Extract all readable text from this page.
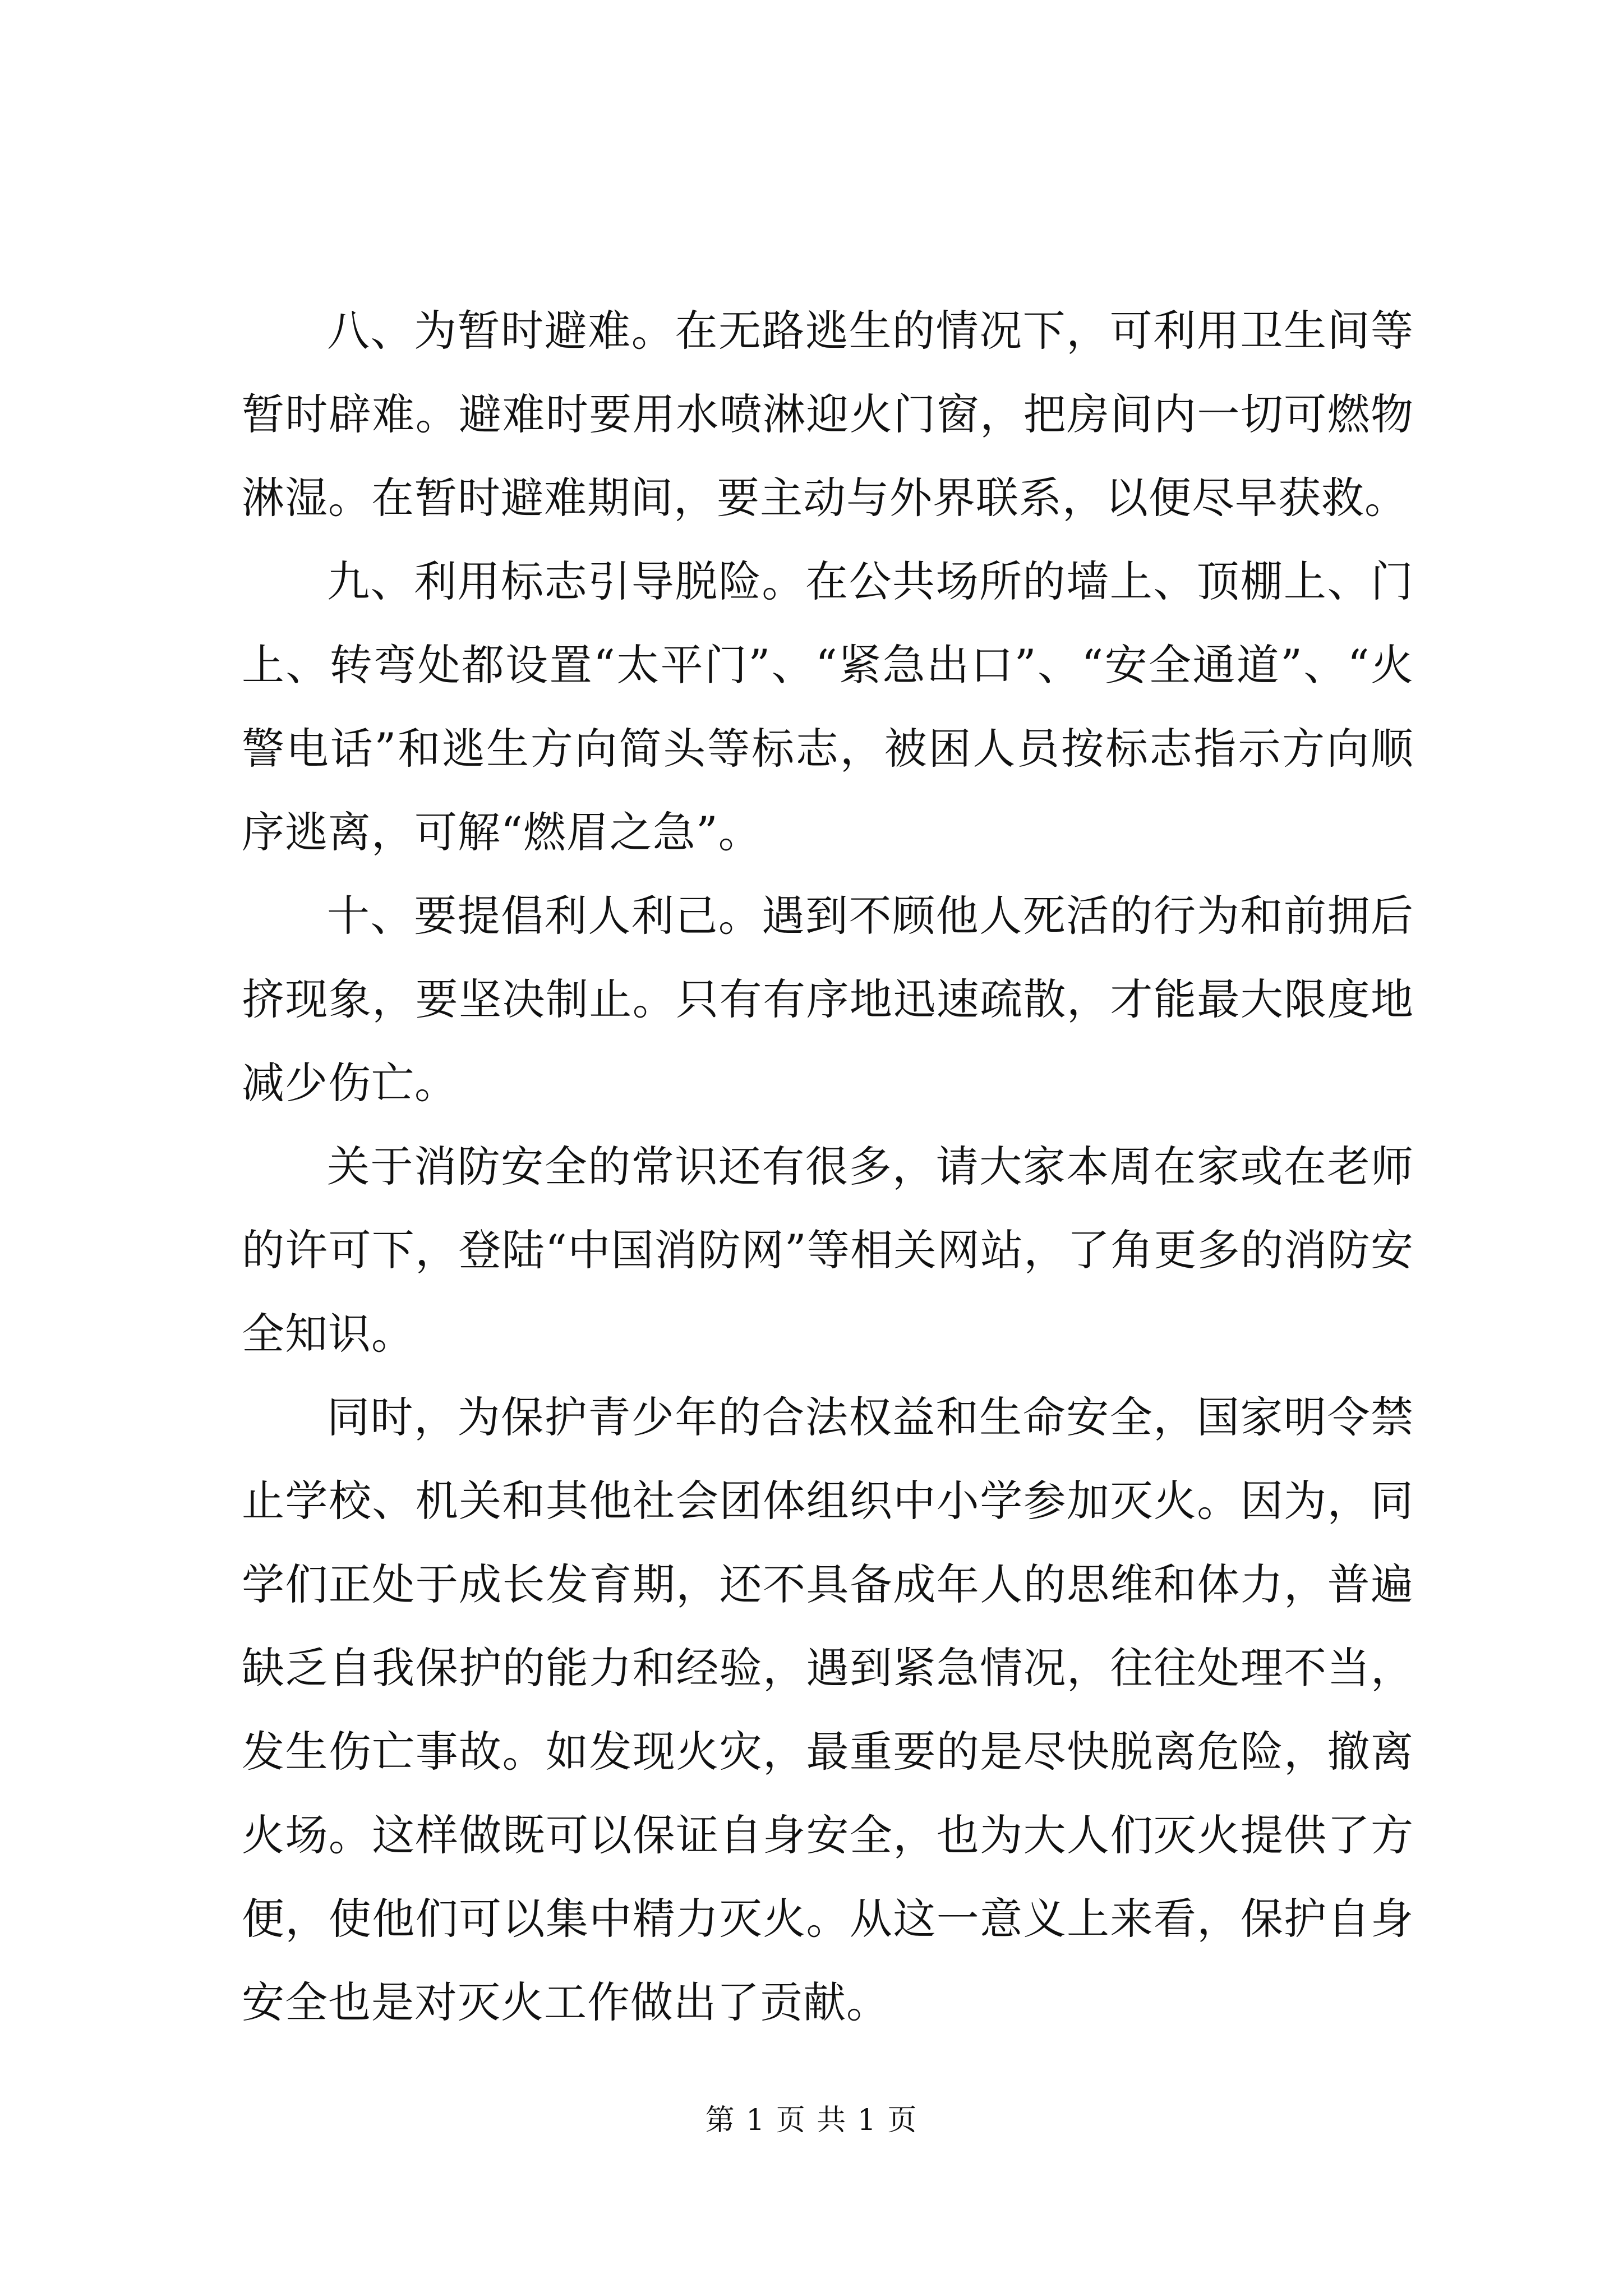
八、为暂时避难。在无路逃生的情况下，可利用卫生间等暂时辟难。避难时要用水喷淋迎火门窗，把房间内一切可燃物淋湿。在暂时避难期间，要主动与外界联系，以便尽早获救。

九、利用标志引导脱险。在公共场所的墙上、顶棚上、门上、转弯处都设置“太平门”、“紧急出口”、“安全通道”、“火警电话”和逃生方向简头等标志，被困人员按标志指示方向顺序逃离，可解“燃眉之急”。

十、要提倡利人利己。遇到不顾他人死活的行为和前拥后挤现象，要坚决制止。只有有序地迅速疏散，才能最大限度地减少伤亡。

关于消防安全的常识还有很多，请大家本周在家或在老师的许可下，登陆“中国消防网”等相关网站，了角更多的消防安全知识。

同时，为保护青少年的合法权益和生命安全，国家明令禁止学校、机关和其他社会团体组织中小学参加灭火。因为，同学们正处于成长发育期，还不具备成年人的思维和体力，普遍缺乏自我保护的能力和经验，遇到紧急情况，往往处理不当，发生伤亡事故。如发现火灾，最重要的是尽快脱离危险，撤离火场。这样做既可以保证自身安全，也为大人们灭火提供了方便，使他们可以集中精力灭火。从这一意义上来看，保护自身安全也是对灭火工作做出了贡献。

第 1 页 共 1 页
